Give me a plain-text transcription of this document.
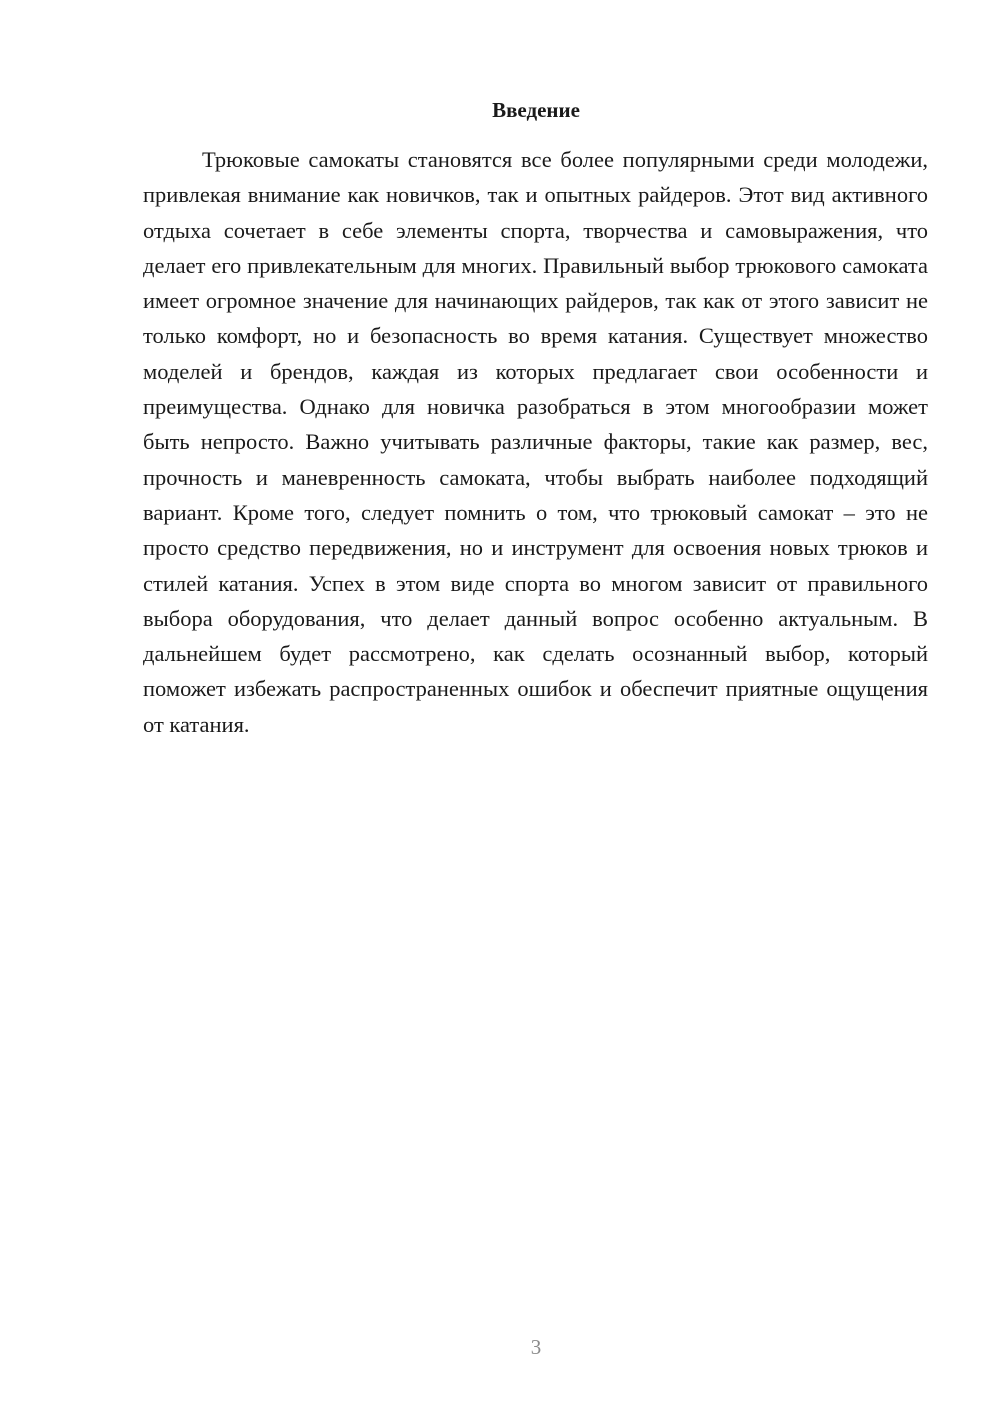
Введение

Трюковые самокаты становятся все более популярными среди молодежи, привлекая внимание как новичков, так и опытных райдеров. Этот вид активного отдыха сочетает в себе элементы спорта, творчества и самовыражения, что делает его привлекательным для многих. Правильный выбор трюкового самоката имеет огромное значение для начинающих райдеров, так как от этого зависит не только комфорт, но и безопасность во время катания. Существует множество моделей и брендов, каждая из которых предлагает свои особенности и преимущества. Однако для новичка разобраться в этом многообразии может быть непросто. Важно учитывать различные факторы, такие как размер, вес, прочность и маневренность самоката, чтобы выбрать наиболее подходящий вариант. Кроме того, следует помнить о том, что трюковый самокат – это не просто средство передвижения, но и инструмент для освоения новых трюков и стилей катания. Успех в этом виде спорта во многом зависит от правильного выбора оборудования, что делает данный вопрос особенно актуальным. В дальнейшем будет рассмотрено, как сделать осознанный выбор, который поможет избежать распространенных ошибок и обеспечит приятные ощущения от катания.

3
